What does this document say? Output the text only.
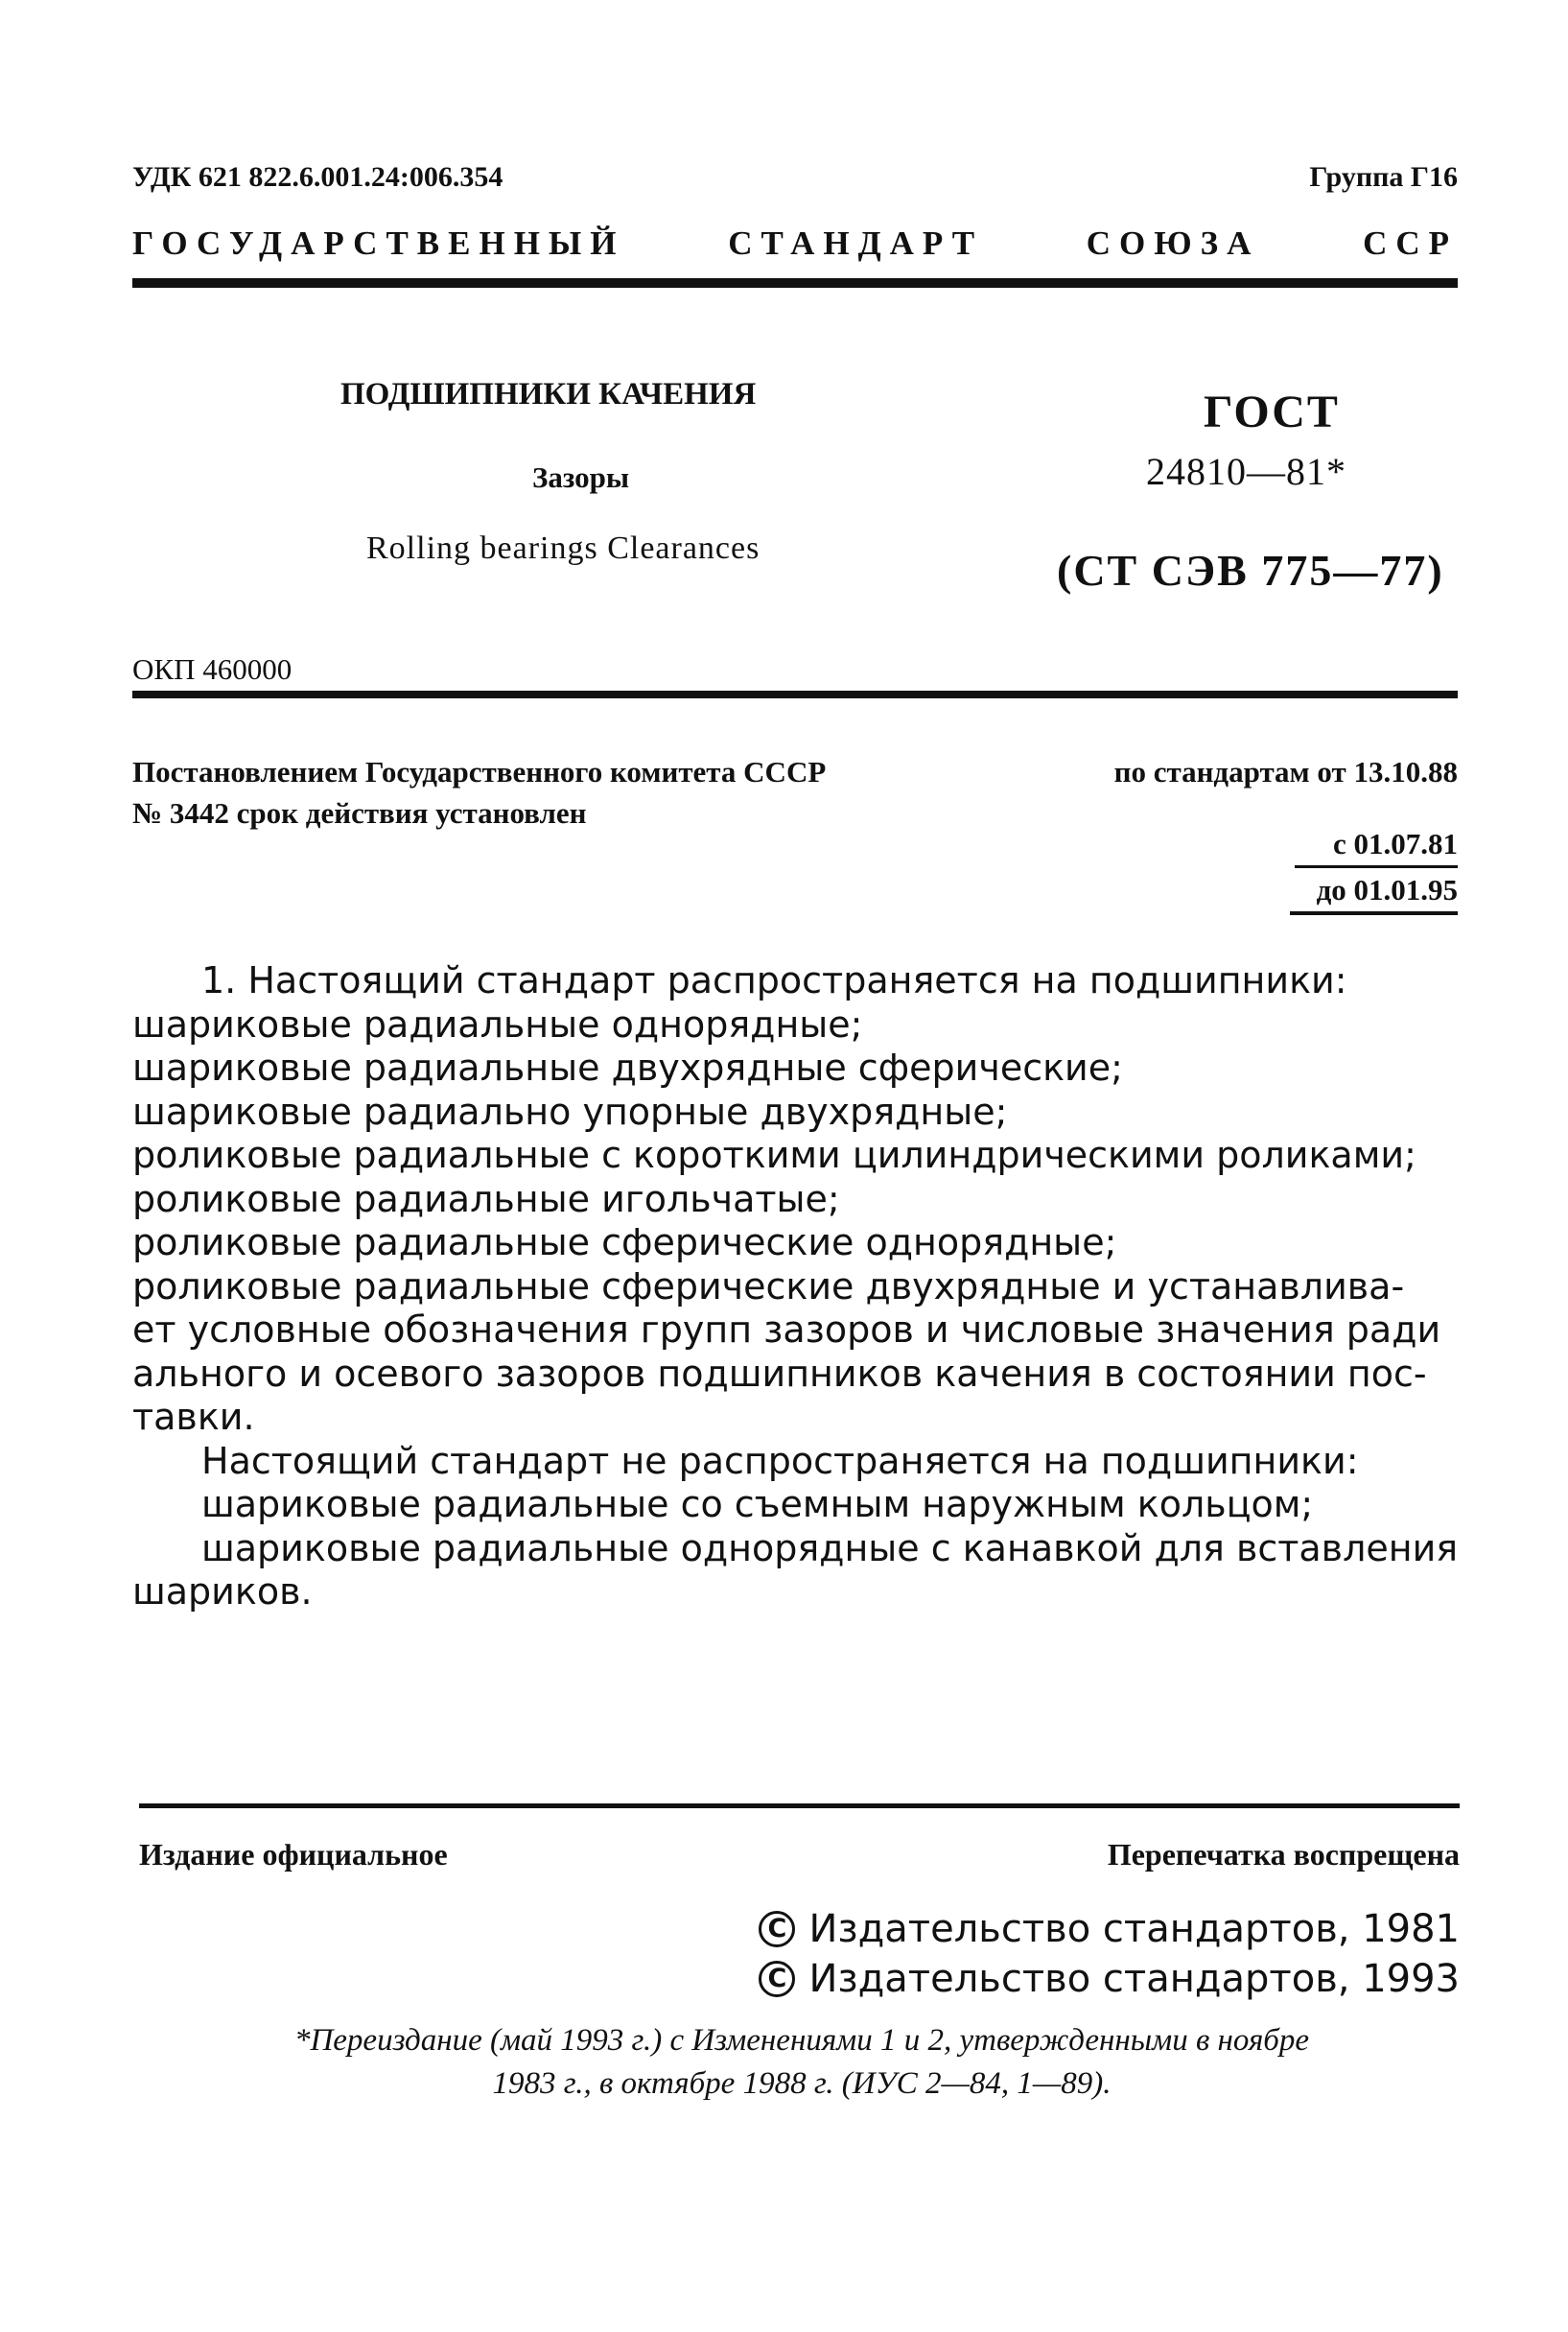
УДК 621 822.6.001.24:006.354	Группа Г16
ГОСУДАРСТВЕННЫЙ	СТАНДАРТ	СОЮЗА	ССР
ПОДШИПНИКИ КАЧЕНИЯ
Зазоры
Rolling bearings Clearances
ГОСТ
24810—81*
(СТ СЭВ 775—77)
ОКП 460000
Постановлением Государственного комитета СССР	по стандартам от 13.10.88
№ 3442 срок действия установлен
с 01.07.81
до 01.01.95
1. Настоящий стандарт распространяется на подшипники:
шариковые радиальные однорядные;
шариковые радиальные двухрядные сферические;
шариковые радиально упорные двухрядные;
роликовые радиальные с короткими цилиндрическими роликами;
роликовые радиальные игольчатые;
роликовые радиальные сферические однорядные;
роликовые радиальные сферические двухрядные и устанавлива-
ет условные обозначения групп зазоров и числовые значения ради
ального и осевого зазоров подшипников качения в состоянии пос-
тавки.
Настоящий стандарт не распространяется на подшипники:
шариковые радиальные со съемным наружным кольцом;
шариковые радиальные однорядные с канавкой для вставления
шариков.
Издание официальное	Перепечатка воспрещена
C Издательство стандартов, 1981
C Издательство стандартов, 1993
*Переиздание (май 1993 г.) с Изменениями 1 и 2, утвержденными в ноябре
1983 г., в октябре 1988 г. (ИУС 2—84, 1—89).
